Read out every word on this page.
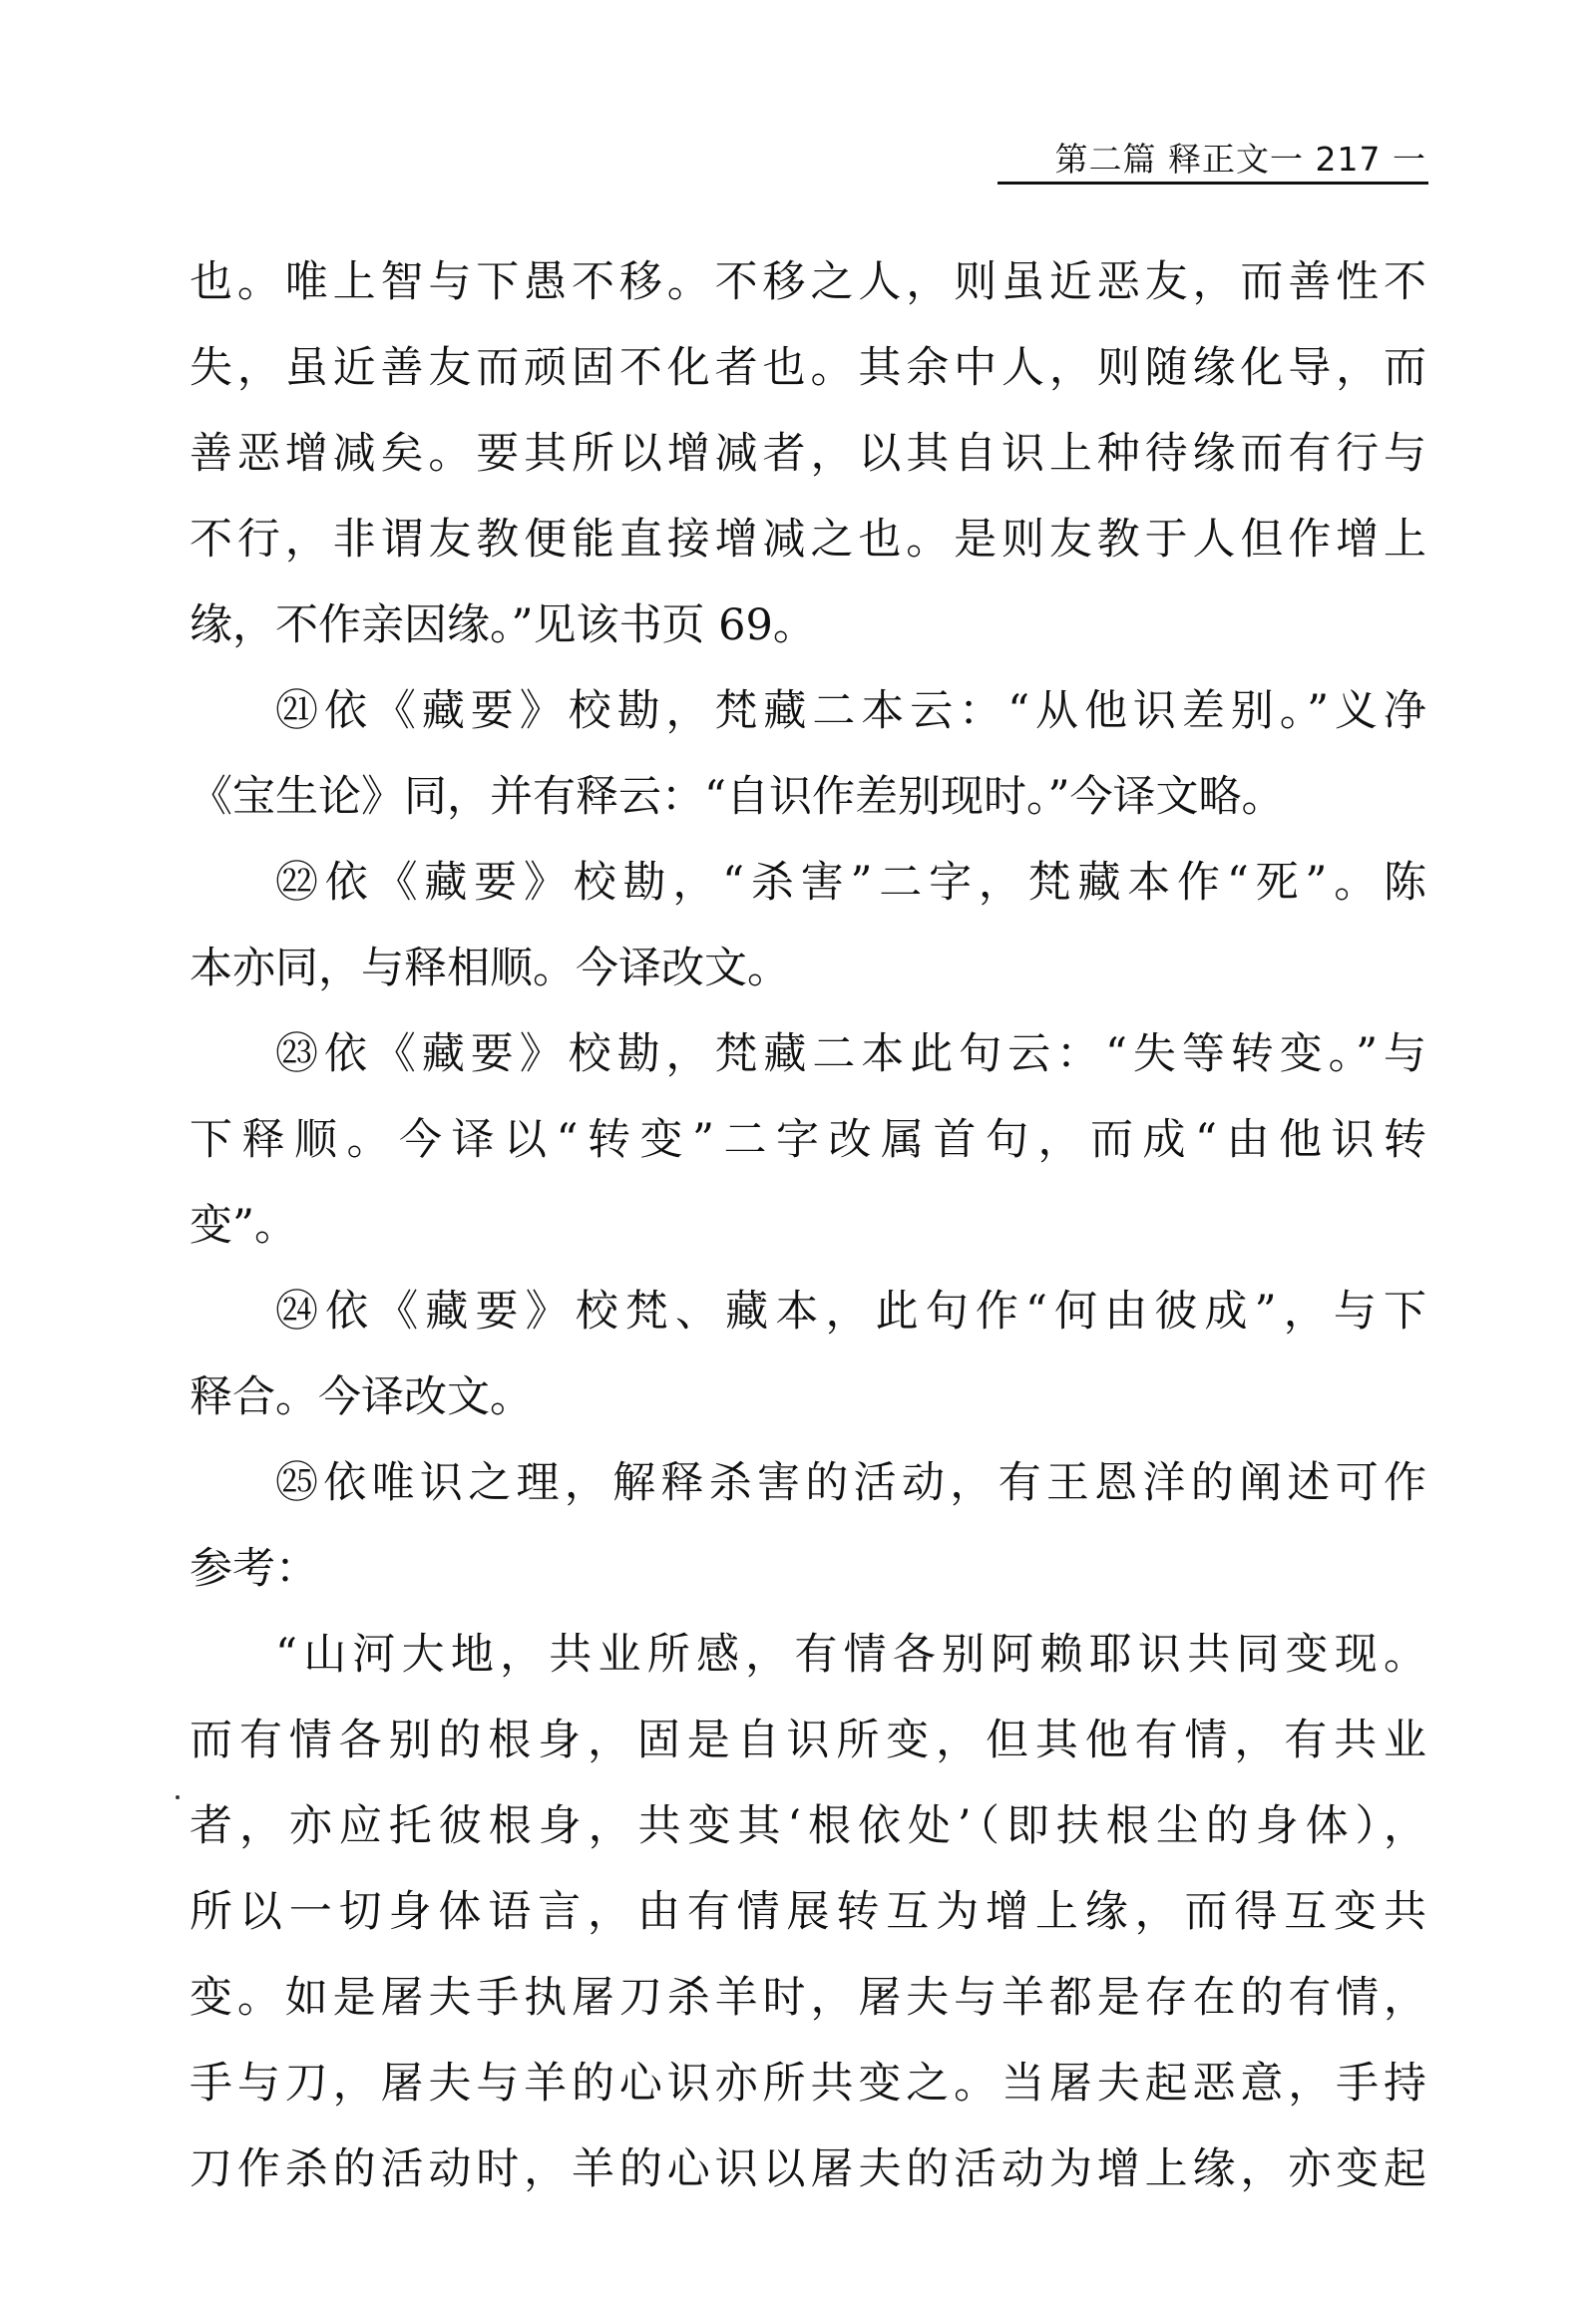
第二篇 释正文一 217 一
也。唯上智与下愚不移。不移之人，则虽近恶友，而善性不
失，虽近善友而顽固不化者也。其余中人，则随缘化导，而
善恶增减矣。要其所以增减者，以其自识上种待缘而有行与
不行，非谓友教便能直接增减之也。是则友教于人但作增上
缘，不作亲因缘。”见该书页 69。
㉑依《藏要》校勘，梵藏二本云：“从他识差别。”义净
《宝生论》同，并有释云：“自识作差别现时。”今译文略。
㉒依《藏要》校勘，“杀害”二字，梵藏本作“死”。陈
本亦同，与释相顺。今译改文。
㉓依《藏要》校勘，梵藏二本此句云：“失等转变。”与
下释顺。今译以“转变”二字改属首句，而成“由他识转
变”。
㉔依《藏要》校梵、藏本，此句作“何由彼成”，与下
释合。今译改文。
㉕依唯识之理，解释杀害的活动，有王恩洋的阐述可作
参考：
“山河大地，共业所感，有情各别阿赖耶识共同变现。
而有情各别的根身，固是自识所变，但其他有情，有共业
者，亦应托彼根身，共变其‘根依处’（即扶根尘的身体），
所以一切身体语言，由有情展转互为增上缘，而得互变共
变。如是屠夫手执屠刀杀羊时，屠夫与羊都是存在的有情，
手与刀，屠夫与羊的心识亦所共变之。当屠夫起恶意，手持
刀作杀的活动时，羊的心识以屠夫的活动为增上缘，亦变起
